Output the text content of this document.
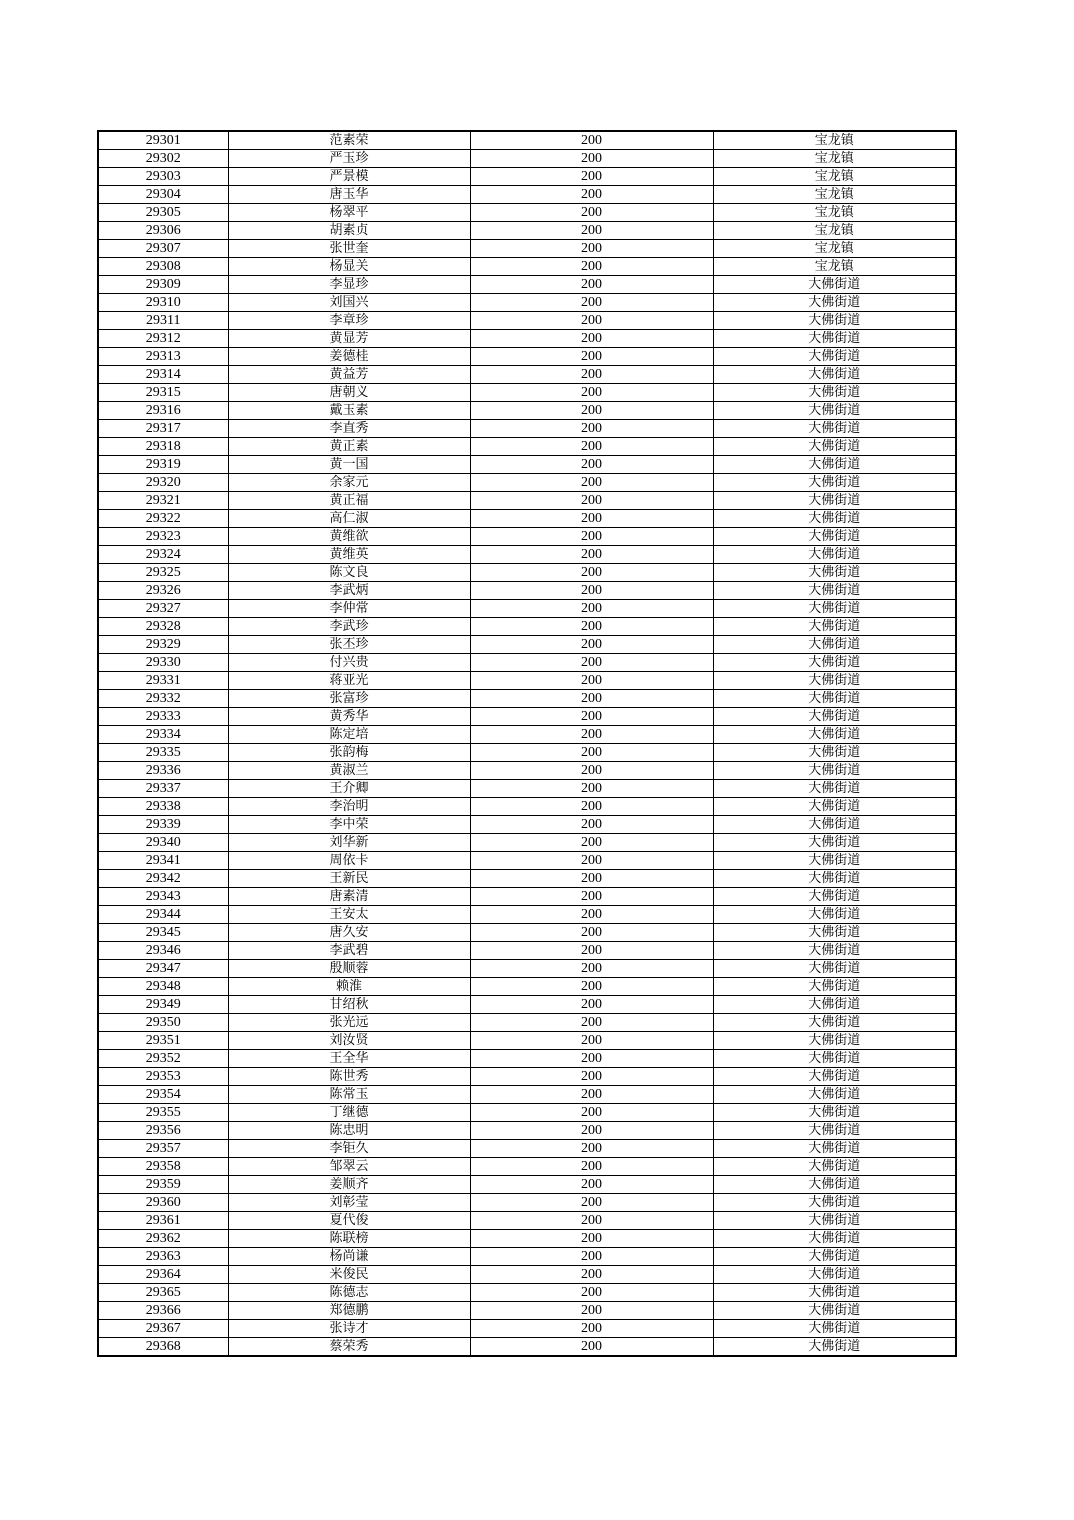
29301	范素荣	200	宝龙镇
29302	严玉珍	200	宝龙镇
29303	严景模	200	宝龙镇
29304	唐玉华	200	宝龙镇
29305	杨翠平	200	宝龙镇
29306	胡素贞	200	宝龙镇
29307	张世奎	200	宝龙镇
29308	杨显关	200	宝龙镇
29309	李显珍	200	大佛街道
29310	刘国兴	200	大佛街道
29311	李章珍	200	大佛街道
29312	黄显芳	200	大佛街道
29313	姜德桂	200	大佛街道
29314	黄益芳	200	大佛街道
29315	唐朝义	200	大佛街道
29316	戴玉素	200	大佛街道
29317	李直秀	200	大佛街道
29318	黄正素	200	大佛街道
29319	黄一国	200	大佛街道
29320	余家元	200	大佛街道
29321	黄正福	200	大佛街道
29322	高仁淑	200	大佛街道
29323	黄维欲	200	大佛街道
29324	黄维英	200	大佛街道
29325	陈文良	200	大佛街道
29326	李武炳	200	大佛街道
29327	李仲常	200	大佛街道
29328	李武珍	200	大佛街道
29329	张丕珍	200	大佛街道
29330	付兴贵	200	大佛街道
29331	蒋亚光	200	大佛街道
29332	张富珍	200	大佛街道
29333	黄秀华	200	大佛街道
29334	陈定培	200	大佛街道
29335	张韵梅	200	大佛街道
29336	黄淑兰	200	大佛街道
29337	王介卿	200	大佛街道
29338	李治明	200	大佛街道
29339	李中荣	200	大佛街道
29340	刘华新	200	大佛街道
29341	周依卡	200	大佛街道
29342	王新民	200	大佛街道
29343	唐素清	200	大佛街道
29344	王安太	200	大佛街道
29345	唐久安	200	大佛街道
29346	李武碧	200	大佛街道
29347	殷顺蓉	200	大佛街道
29348	赖淮	200	大佛街道
29349	甘绍秋	200	大佛街道
29350	张光远	200	大佛街道
29351	刘汝贤	200	大佛街道
29352	王全华	200	大佛街道
29353	陈世秀	200	大佛街道
29354	陈常玉	200	大佛街道
29355	丁继德	200	大佛街道
29356	陈忠明	200	大佛街道
29357	李钜久	200	大佛街道
29358	邹翠云	200	大佛街道
29359	姜顺齐	200	大佛街道
29360	刘彰莹	200	大佛街道
29361	夏代俊	200	大佛街道
29362	陈联榜	200	大佛街道
29363	杨尚谦	200	大佛街道
29364	米俊民	200	大佛街道
29365	陈德志	200	大佛街道
29366	郑德鹏	200	大佛街道
29367	张诗才	200	大佛街道
29368	蔡荣秀	200	大佛街道
